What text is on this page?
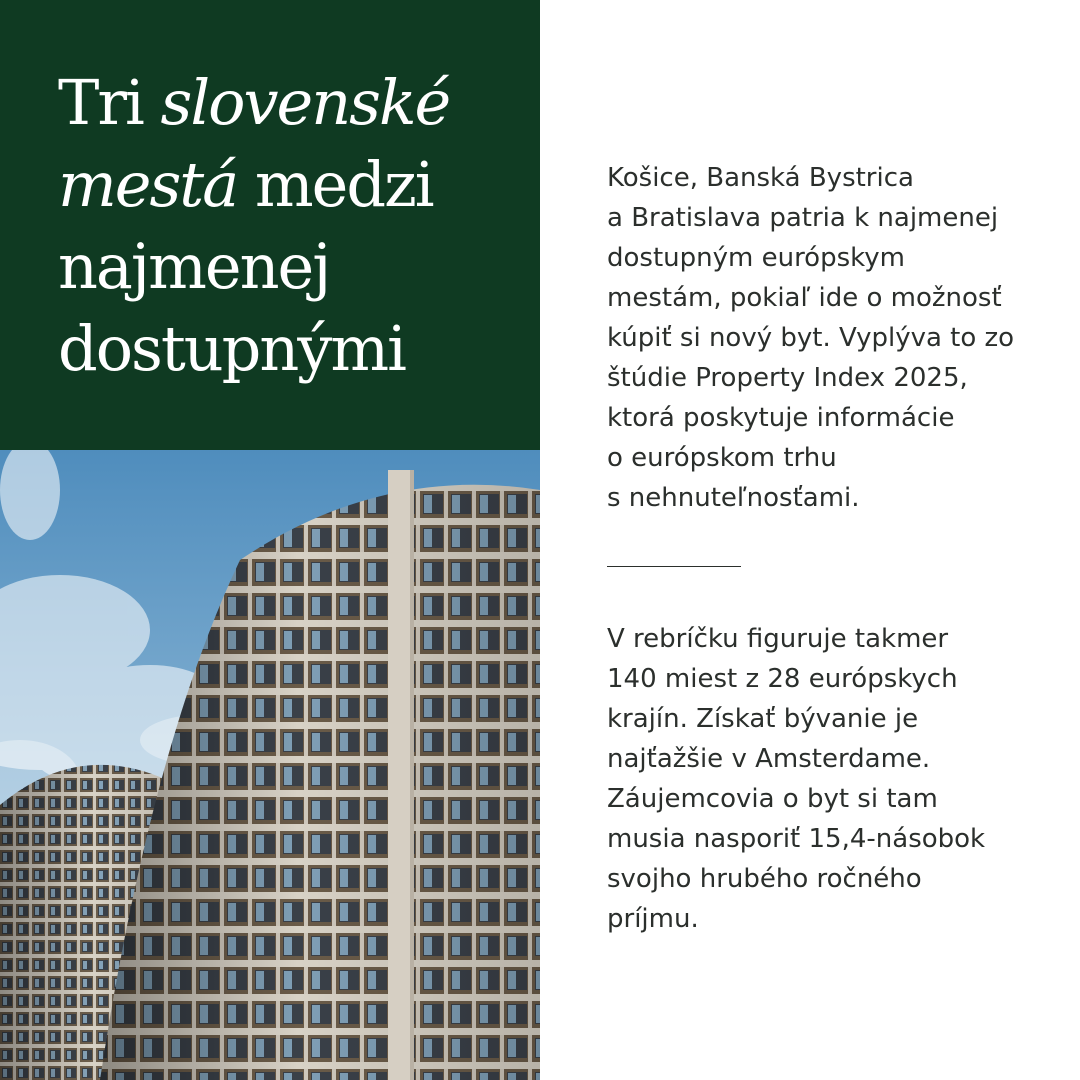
Tri slovenské
mestá medzi
najmenej
dostupnými

Košice, Banská Bystrica
a Bratislava patria k najmenej
dostupným európskym
mestám, pokiaľ ide o možnosť
kúpiť si nový byt. Vyplýva to zo
štúdie Property Index 2025,
ktorá poskytuje informácie
o európskom trhu
s nehnuteľnosťami.

V rebríčku figuruje takmer
140 miest z 28 európskych
krajín. Získať bývanie je
najťažšie v Amsterdame.
Záujemcovia o byt si tam
musia nasporiť 15,4-násobok
svojho hrubého ročného
príjmu.
